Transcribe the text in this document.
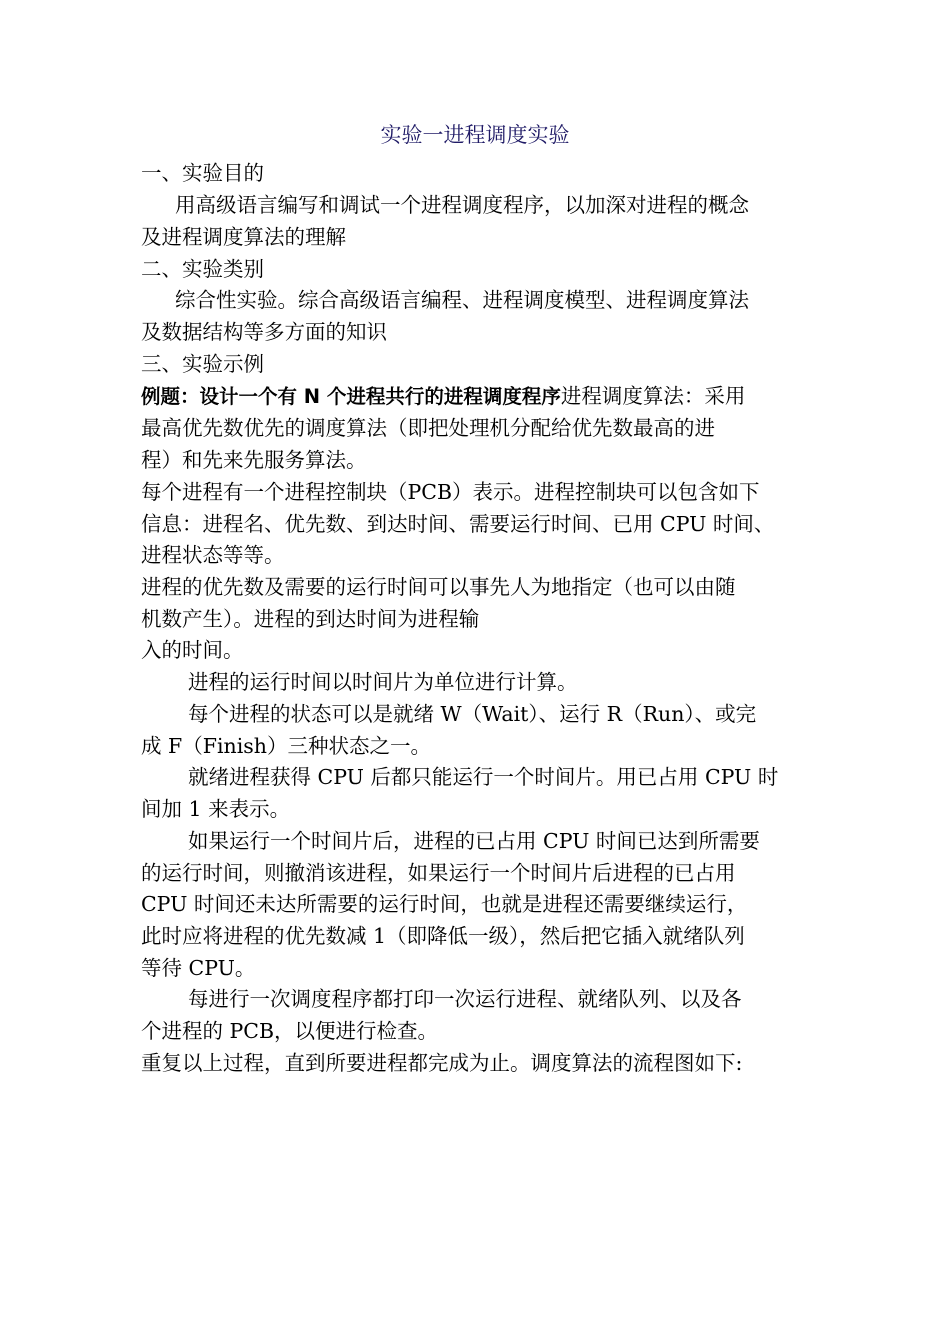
实验一进程调度实验
一、实验目的
用高级语言编写和调试一个进程调度程序，以加深对进程的概念
及进程调度算法的理解
二、实验类别
综合性实验。综合高级语言编程、进程调度模型、进程调度算法
及数据结构等多方面的知识
三、实验示例
例题：设计一个有 N 个进程共行的进程调度程序进程调度算法：采用
最高优先数优先的调度算法（即把处理机分配给优先数最高的进
程）和先来先服务算法。
每个进程有一个进程控制块（PCB）表示。进程控制块可以包含如下
信息：进程名、优先数、到达时间、需要运行时间、已用 CPU 时间、
进程状态等等。
进程的优先数及需要的运行时间可以事先人为地指定（也可以由随
机数产生）。进程的到达时间为进程输
入的时间。
进程的运行时间以时间片为单位进行计算。
每个进程的状态可以是就绪 W（Wait）、运行 R（Run）、或完
成 F（Finish）三种状态之一。
就绪进程获得 CPU 后都只能运行一个时间片。用已占用 CPU 时
间加 1 来表示。
如果运行一个时间片后，进程的已占用 CPU 时间已达到所需要
的运行时间，则撤消该进程，如果运行一个时间片后进程的已占用
CPU 时间还未达所需要的运行时间，也就是进程还需要继续运行，
此时应将进程的优先数减 1（即降低一级），然后把它插入就绪队列
等待 CPU。
每进行一次调度程序都打印一次运行进程、就绪队列、以及各
个进程的 PCB，以便进行检查。
重复以上过程，直到所要进程都完成为止。调度算法的流程图如下:
